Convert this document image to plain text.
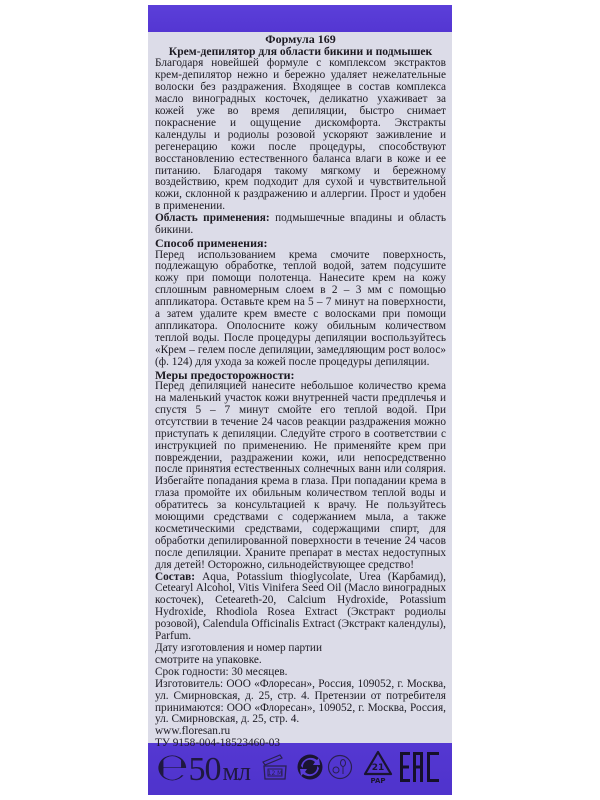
Формула 169
Крем-депилятор для области бикини и подмышек

Благодаря новейшей формуле с комплексом экстрактов крем-депилятор нежно и бережно удаляет нежелательные волоски без раздражения. Входящее в состав комплекса масло виноградных косточек, деликатно ухаживает за кожей уже во время депиляции, быстро снимает покраснение и ощущение дискомфорта. Экстракты календулы и родиолы розовой ускоряют заживление и регенерацию кожи после процедуры, способствуют восстановлению естественного баланса влаги в коже и ее питанию. Благодаря такому мягкому и бережному воздействию, крем подходит для сухой и чувствительной кожи, склонной к раздражению и аллергии. Прост и удобен в применении.

Область применения: подмышечные впадины и область бикини.

Способ применения:

Перед использованием крема смочите поверхность, подлежащую обработке, теплой водой, затем подсушите кожу при помощи полотенца. Нанесите крем на кожу сплошным равномерным слоем в 2 – 3 мм с помощью аппликатора. Оставьте крем на 5 – 7 минут на поверхности, а затем удалите крем вместе с волосками при помощи аппликатора. Ополосните кожу обильным количеством теплой воды. После процедуры депиляции воспользуйтесь «Крем – гелем после депиляции, замедляющим рост волос» (ф. 124) для ухода за кожей после процедуры депиляции.

Меры предосторожности:

Перед депиляцией нанесите небольшое количество крема на маленький участок кожи внутренней части предплечья и спустя 5 – 7 минут смойте его теплой водой. При отсутствии в течение 24 часов реакции раздражения можно приступать к депиляции. Следуйте строго в соответствии с инструкцией по применению. Не применяйте крем при повреждении, раздражении кожи, или непосредственно после принятия естественных солнечных ванн или солярия. Избегайте попадания крема в глаза. При попадании крема в глаза промойте их обильным количеством теплой воды и обратитесь за консультацией к врачу. Не пользуйтесь моющими средствами с содержанием мыла, а также косметическими средствами, содержащими спирт, для обработки депилированной поверхности в течение 24 часов после депиляции. Храните препарат в местах недоступных для детей! Осторожно, сильнодействующее средство!

Состав: Aqua, Potassium thioglycolate, Urea (Карбамид), Cetearyl Alcohol, Vitis Vinifera Seed Oil (Масло виноградных косточек), Ceteareth-20, Calcium Hydroxide, Potassium Hydroxide, Rhodiola Rosea Extract (Экстракт родиолы розовой), Calendula Officinalis Extract (Экстракт календулы), Parfum.

Дату изготовления и номер партии
смотрите на упаковке.
Срок годности: 30 месяцев.

Изготовитель: ООО «Флоресан», Россия, 109052, г. Москва, ул. Смирновская, д. 25, стр. 4. Претензии от потребителя принимаются: ООО «Флоресан», 109052, г. Москва, Россия, ул. Смирновская, д. 25, стр. 4.

www.floresan.ru
ТУ 9158-004-18523460-03
℮ 50 мл	12 M
21
PAP
